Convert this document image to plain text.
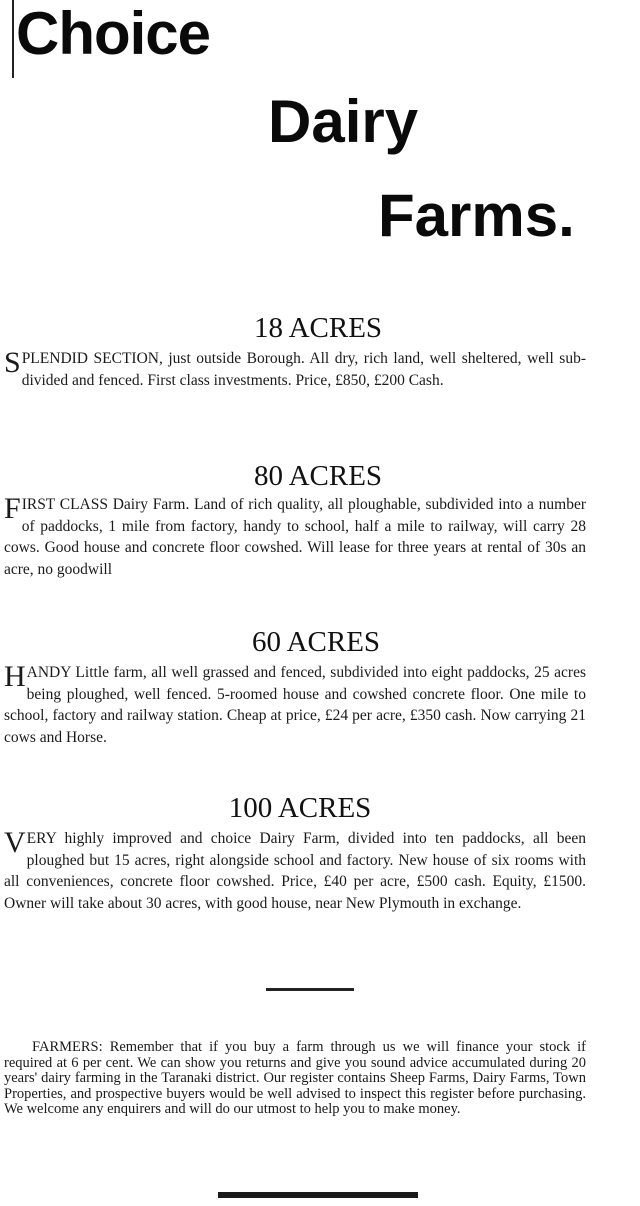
Choice
Dairy
Farms.
18 ACRES
SPLENDID SECTION, just outside Borough. All dry, rich land, well sheltered, well sub-divided and fenced. First class investments. Price, £850, £200 Cash.
80 ACRES
FIRST CLASS Dairy Farm. Land of rich quality, all ploughable, subdivided into a number of paddocks, 1 mile from factory, handy to school, half a mile to railway, will carry 28 cows. Good house and concrete floor cowshed. Will lease for three years at rental of 30s an acre, no goodwill
60 ACRES
HANDY Little farm, all well grassed and fenced, subdivided into eight paddocks, 25 acres being ploughed, well fenced. 5-roomed house and cowshed concrete floor. One mile to school, factory and railway station. Cheap at price, £24 per acre, £350 cash. Now carrying 21 cows and Horse.
100 ACRES
VERY highly improved and choice Dairy Farm, divided into ten paddocks, all been ploughed but 15 acres, right alongside school and factory. New house of six rooms with all conveniences, concrete floor cowshed. Price, £40 per acre, £500 cash. Equity, £1500. Owner will take about 30 acres, with good house, near New Plymouth in exchange.
FARMERS: Remember that if you buy a farm through us we will finance your stock if required at 6 per cent. We can show you returns and give you sound advice accumulated during 20 years' dairy farming in the Taranaki district. Our register contains Sheep Farms, Dairy Farms, Town Properties, and prospective buyers would be well advised to inspect this register before purchasing. We welcome any enquirers and will do our utmost to help you to make money.
